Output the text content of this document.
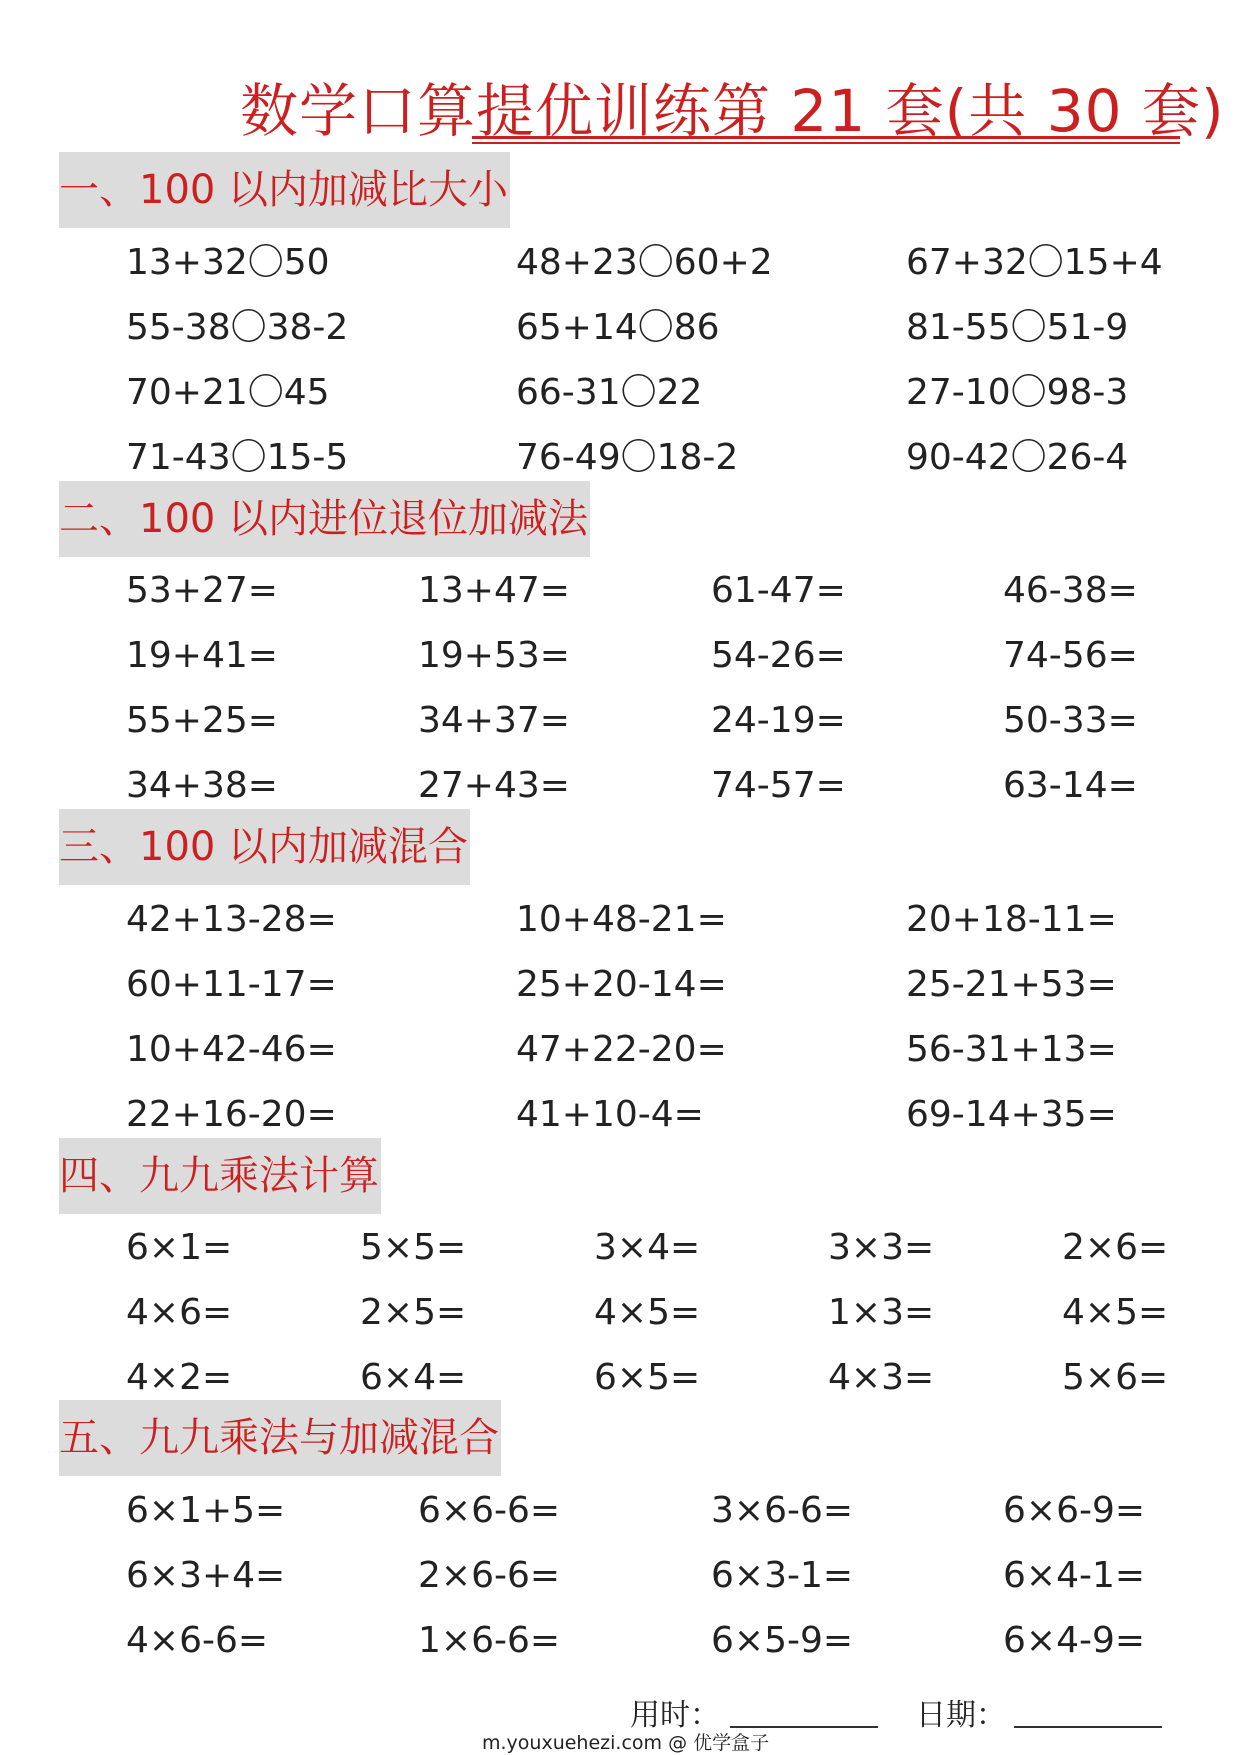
数学口算提优训练第 21 套(共 30 套)
一、100 以内加减比大小
13+32〇50	48+23〇60+2	67+32〇15+4
55-38〇38-2	65+14〇86	81-55〇51-9
70+21〇45	66-31〇22	27-10〇98-3
71-43〇15-5	76-49〇18-2	90-42〇26-4
二、100 以内进位退位加减法
53+27=	13+47=	61-47=	46-38=
19+41=	19+53=	54-26=	74-56=
55+25=	34+37=	24-19=	50-33=
34+38=	27+43=	74-57=	63-14=
三、100 以内加减混合
42+13-28=	10+48-21=	20+18-11=
60+11-17=	25+20-14=	25-21+53=
10+42-46=	47+22-20=	56-31+13=
22+16-20=	41+10-4=	69-14+35=
四、九九乘法计算
6×1=	5×5=	3×4=	3×3=	2×6=
4×6=	2×5=	4×5=	1×3=	4×5=
4×2=	6×4=	6×5=	4×3=	5×6=
五、九九乘法与加减混合
6×1+5=	6×6-6=	3×6-6=	6×6-9=
6×3+4=	2×6-6=	6×3-1=	6×4-1=
4×6-6=	1×6-6=	6×5-9=	6×4-9=
用时：	日期：
m.youxuehezi.com @ 优学盒子
